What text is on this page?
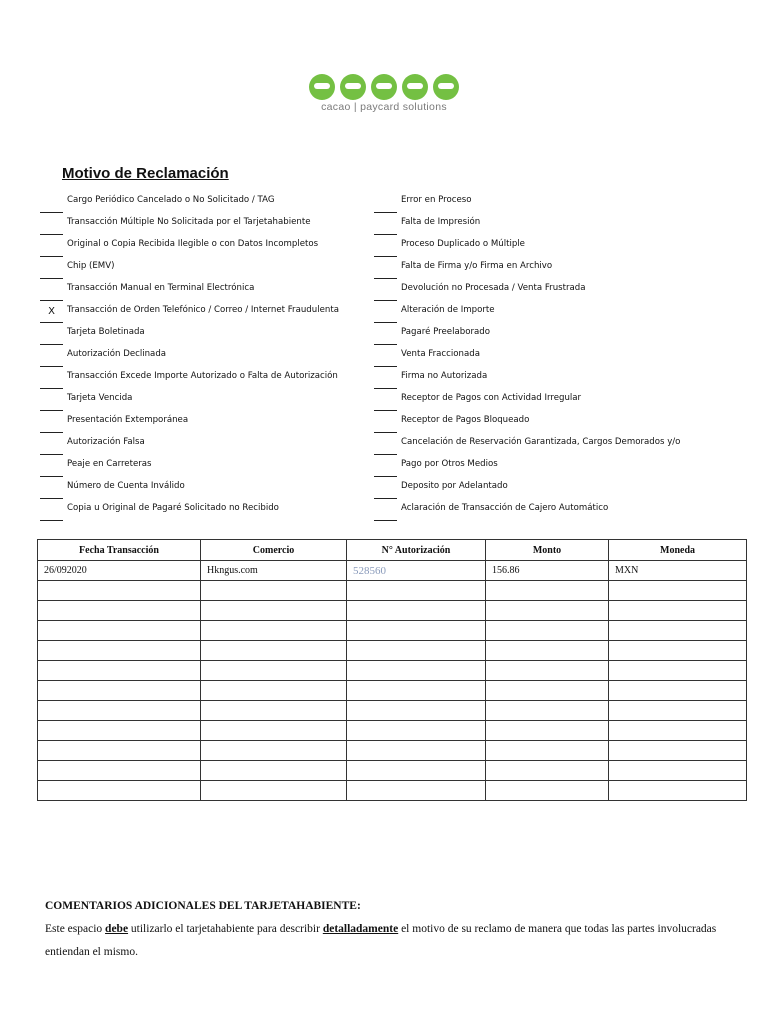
cacao | paycard solutions
Motivo de Reclamación
Cargo Periódico Cancelado o No Solicitado / TAG
Transacción Múltiple No Solicitada por el Tarjetahabiente
Original o Copia Recibida Ilegible o con Datos Incompletos
Chip (EMV)
Transacción Manual en Terminal Electrónica
X	Transacción de Orden Telefónico / Correo / Internet Fraudulenta
Tarjeta Boletinada
Autorización Declinada
Transacción Excede Importe Autorizado o Falta de Autorización
Tarjeta Vencida
Presentación Extemporánea
Autorización Falsa
Peaje en Carreteras
Número de Cuenta Inválido
Copia u Original de Pagaré Solicitado no Recibido
Error en Proceso
Falta de Impresión
Proceso Duplicado o Múltiple
Falta de Firma y/o Firma en Archivo
Devolución no Procesada / Venta Frustrada
Alteración de Importe
Pagaré Preelaborado
Venta Fraccionada
Firma no Autorizada
Receptor de Pagos con Actividad Irregular
Receptor de Pagos Bloqueado
Cancelación de Reservación Garantizada, Cargos Demorados y/o
Pago por Otros Medios
Deposito por Adelantado
Aclaración de Transacción de Cajero Automático
Fecha Transacción	Comercio	N° Autorización	Monto	Moneda
26/092020	Hkngus.com	528560	156.86	MXN

COMENTARIOS ADICIONALES DEL TARJETAHABIENTE:

Este espacio debe utilizarlo el tarjetahabiente para describir detalladamente el motivo de su reclamo de manera que todas las partes involucradas entiendan el mismo.
